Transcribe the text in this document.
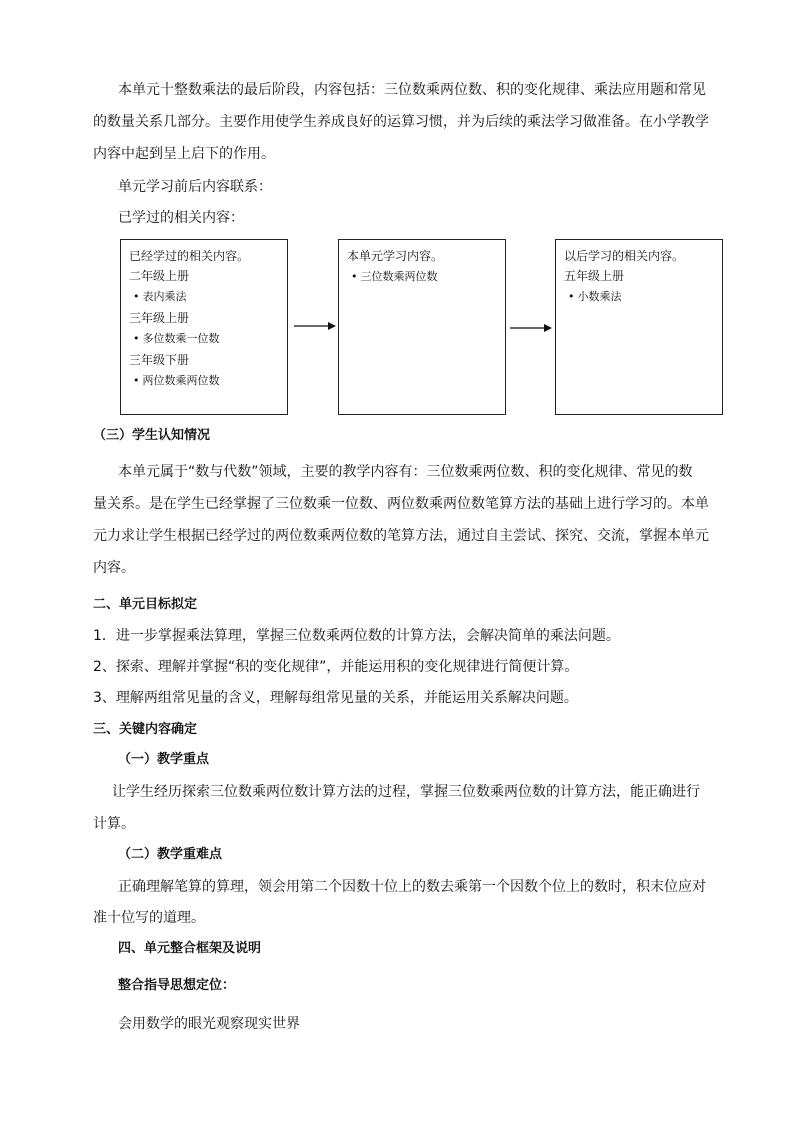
本单元十整数乘法的最后阶段，内容包括：三位数乘两位数、积的变化规律、乘法应用题和常见
的数量关系几部分。主要作用使学生养成良好的运算习惯，并为后续的乘法学习做准备。在小学教学
内容中起到呈上启下的作用。
单元学习前后内容联系：
已学过的相关内容：
已经学过的相关内容。
二年级上册
• 表内乘法
三年级上册
• 多位数乘一位数
三年级下册
• 两位数乘两位数
本单元学习内容。
• 三位数乘两位数
以后学习的相关内容。
五年级上册
• 小数乘法
（三）学生认知情况
本单元属于“数与代数”领域，主要的教学内容有：三位数乘两位数、积的变化规律、常见的数
量关系。是在学生已经掌握了三位数乘一位数、两位数乘两位数笔算方法的基础上进行学习的。本单
元力求让学生根据已经学过的两位数乘两位数的笔算方法，通过自主尝试、探究、交流，掌握本单元
内容。
二、单元目标拟定
1．进一步掌握乘法算理，掌握三位数乘两位数的计算方法，会解决简单的乘法问题。
2、探索、理解并掌握“积的变化规律”，并能运用积的变化规律进行简便计算。
3、理解两组常见量的含义，理解每组常见量的关系，并能运用关系解决问题。
三、关键内容确定
（一）教学重点
让学生经历探索三位数乘两位数计算方法的过程，掌握三位数乘两位数的计算方法，能正确进行
计算。
（二）教学重难点
正确理解笔算的算理，领会用第二个因数十位上的数去乘第一个因数个位上的数时，积末位应对
准十位写的道理。
四、单元整合框架及说明
整合指导思想定位：
会用数学的眼光观察现实世界
